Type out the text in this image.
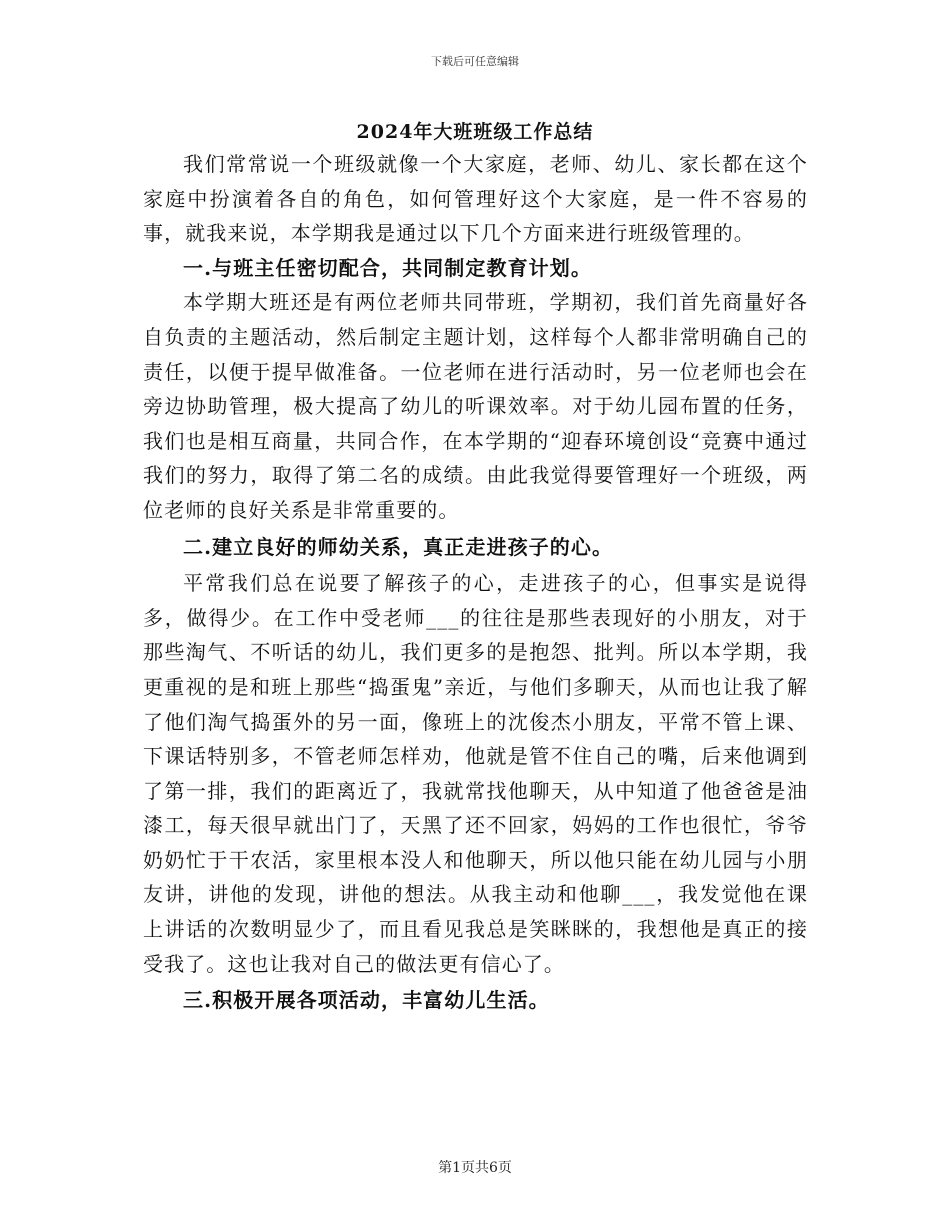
下载后可任意编辑
2024年大班班级工作总结

我们常常说一个班级就像一个大家庭，老师、幼儿、家长都在这个家庭中扮演着各自的角色，如何管理好这个大家庭，是一件不容易的事，就我来说，本学期我是通过以下几个方面来进行班级管理的。

一.与班主任密切配合，共同制定教育计划。

本学期大班还是有两位老师共同带班，学期初，我们首先商量好各自负责的主题活动，然后制定主题计划，这样每个人都非常明确自己的责任，以便于提早做准备。一位老师在进行活动时，另一位老师也会在旁边协助管理，极大提高了幼儿的听课效率。对于幼儿园布置的任务，我们也是相互商量，共同合作，在本学期的“迎春环境创设“竞赛中通过我们的努力，取得了第二名的成绩。由此我觉得要管理好一个班级，两位老师的良好关系是非常重要的。

二.建立良好的师幼关系，真正走进孩子的心。

平常我们总在说要了解孩子的心，走进孩子的心，但事实是说得多，做得少。在工作中受老师___的往往是那些表现好的小朋友，对于那些淘气、不听话的幼儿，我们更多的是抱怨、批判。所以本学期，我更重视的是和班上那些“捣蛋鬼”亲近，与他们多聊天，从而也让我了解了他们淘气捣蛋外的另一面，像班上的沈俊杰小朋友，平常不管上课、下课话特别多，不管老师怎样劝，他就是管不住自己的嘴，后来他调到了第一排，我们的距离近了，我就常找他聊天，从中知道了他爸爸是油漆工，每天很早就出门了，天黑了还不回家，妈妈的工作也很忙，爷爷奶奶忙于干农活，家里根本没人和他聊天，所以他只能在幼儿园与小朋友讲，讲他的发现，讲他的想法。从我主动和他聊___，我发觉他在课上讲话的次数明显少了，而且看见我总是笑眯眯的，我想他是真正的接受我了。这也让我对自己的做法更有信心了。

三.积极开展各项活动，丰富幼儿生活。

第1页共6页
